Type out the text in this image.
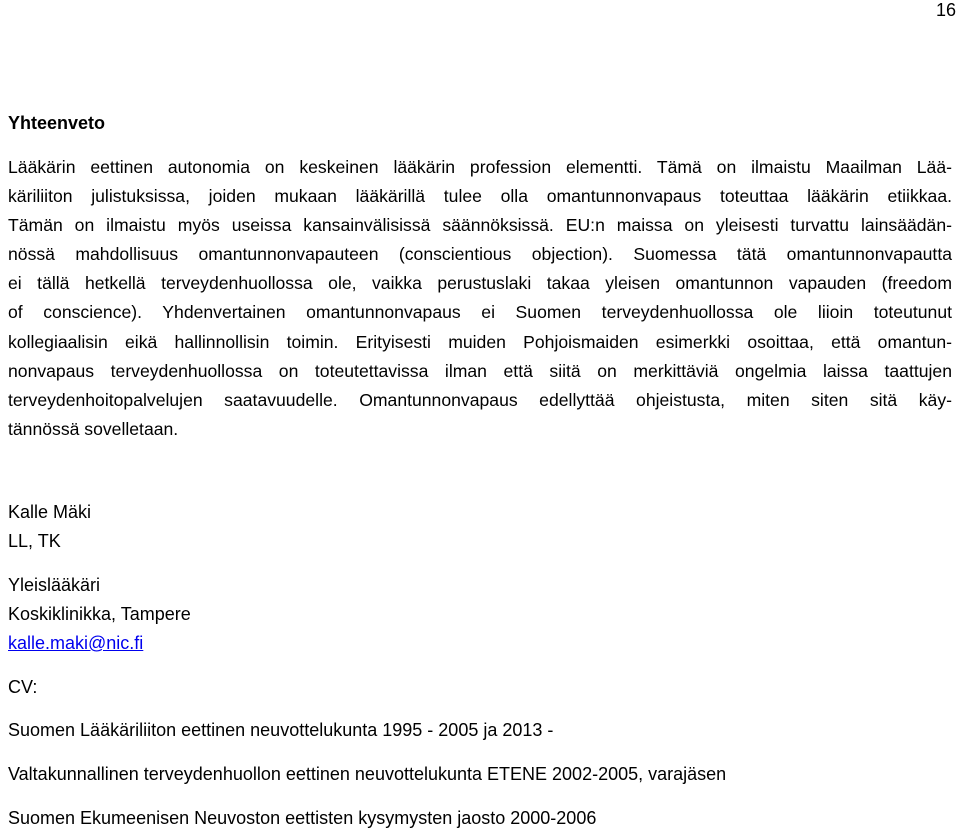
16
Yhteenveto
Lääkärin eettinen autonomia on keskeinen lääkärin profession elementti. Tämä on ilmaistu Maailman Lää-
käriliiton julistuksissa, joiden mukaan lääkärillä tulee olla omantunnonvapaus toteuttaa lääkärin etiikkaa.
Tämän on ilmaistu myös useissa kansainvälisissä säännöksissä. EU:n maissa on yleisesti turvattu lainsäädän-
nössä mahdollisuus omantunnonvapauteen (conscientious objection). Suomessa tätä omantunnonvapautta
ei tällä hetkellä terveydenhuollossa ole, vaikka perustuslaki takaa yleisen omantunnon vapauden (freedom
of conscience). Yhdenvertainen omantunnonvapaus ei Suomen terveydenhuollossa ole liioin toteutunut
kollegiaalisin eikä hallinnollisin toimin. Erityisesti muiden Pohjoismaiden esimerkki osoittaa, että omantun-
nonvapaus terveydenhuollossa on toteutettavissa ilman että siitä on merkittäviä ongelmia laissa taattujen
terveydenhoitopalvelujen saatavuudelle. Omantunnonvapaus edellyttää ohjeistusta, miten siten sitä käy-
tännössä sovelletaan.
Kalle Mäki
LL, TK
Yleislääkäri
Koskiklinikka, Tampere
kalle.maki@nic.fi
CV:
Suomen Lääkäriliiton eettinen neuvottelukunta 1995 - 2005 ja 2013 -
Valtakunnallinen terveydenhuollon eettinen neuvottelukunta ETENE 2002-2005, varajäsen
Suomen Ekumeenisen Neuvoston eettisten kysymysten jaosto 2000-2006
